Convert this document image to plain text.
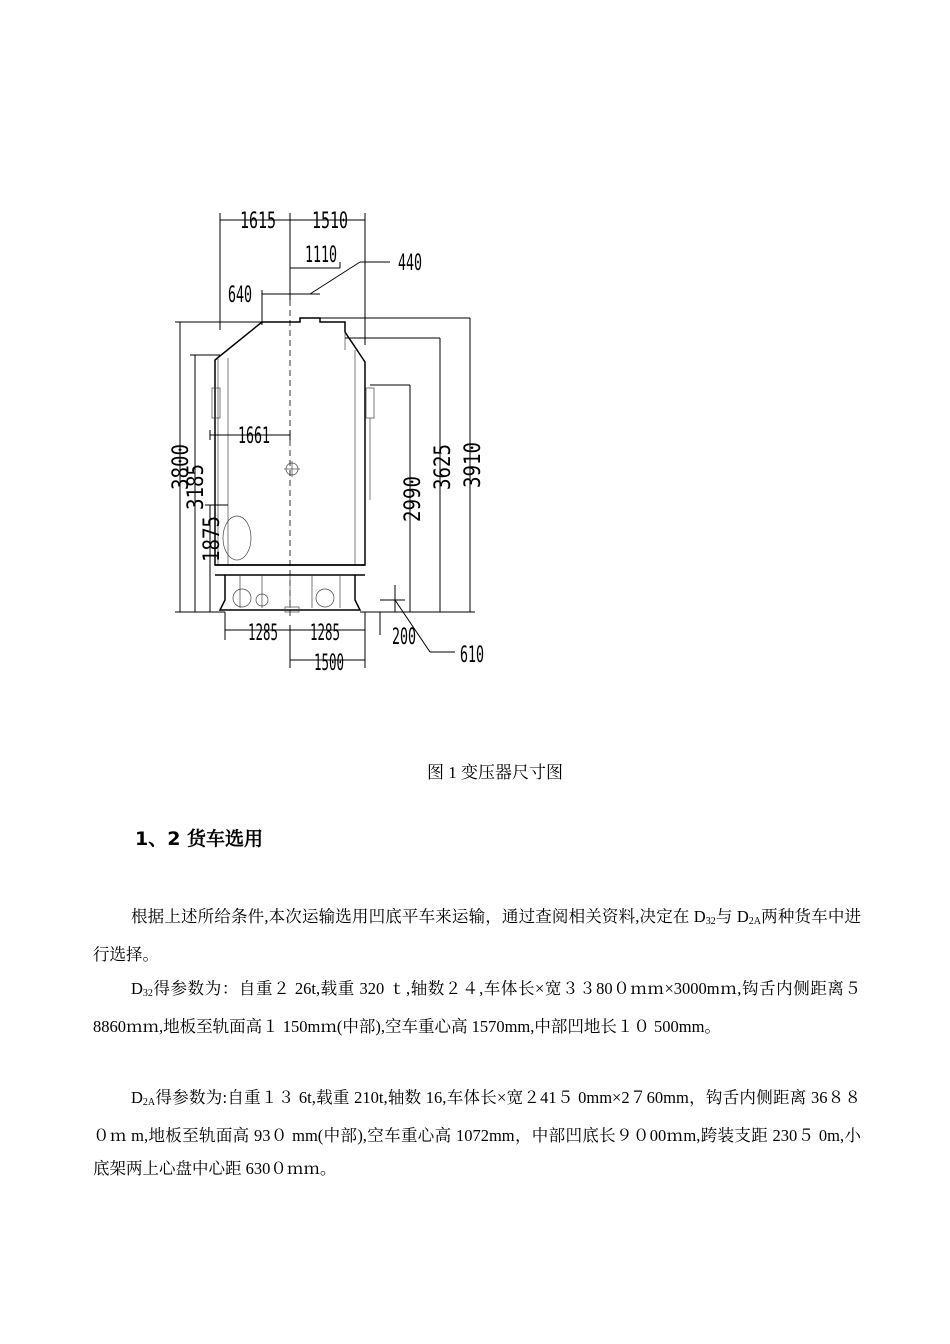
1615 1510
1110	440
640
1661
3800
3185
1875
2990
3625 3910
1285 1285 200
610
1500
图 1 变压器尺寸图
1、2 货车选用

根据上述所给条件,本次运输选用凹底平车来运输，通过查阅相关资料,决定在 $D_{32}$与 $D_{2A}$两种货车中进行选择。

$D_{32}$得参数为：自重２ 26t,载重 320 ｔ,轴数２４,车体长×宽３３80０ｍｍ×3000mｍ,钩舌内侧距离５ 8860ｍｍ,地板至轨面高１ 150mｍ(中部),空车重心高 1570mm,中部凹地长１０ 500mm。

$D_{2A}$得参数为:自重１３ 6t,载重 210t,轴数 16,车体长×宽２41５ 0mm×2７60mm，钩舌内侧距离 36８８０ｍ m,地板至轨面高 93０ mm(中部),空车重心高 1072mm，中部凹底长９０00ｍm,跨装支距 230５ 0m,小底架两上心盘中心距 630０ｍｍ。
